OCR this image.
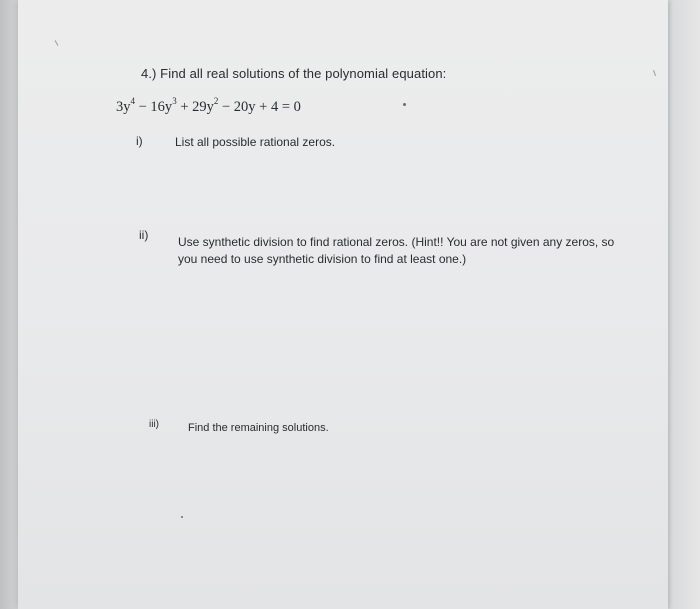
4.) Find all real solutions of the polynomial equation:
$3y^4 - 16y^3 + 29y^2 - 20y + 4 = 0$
i)	List all possible rational zeros.
ii) Use synthetic division to find rational zeros. (Hint!! You are not given any zeros, so
you need to use synthetic division to find at least one.)
iii)	Find the remaining solutions.
